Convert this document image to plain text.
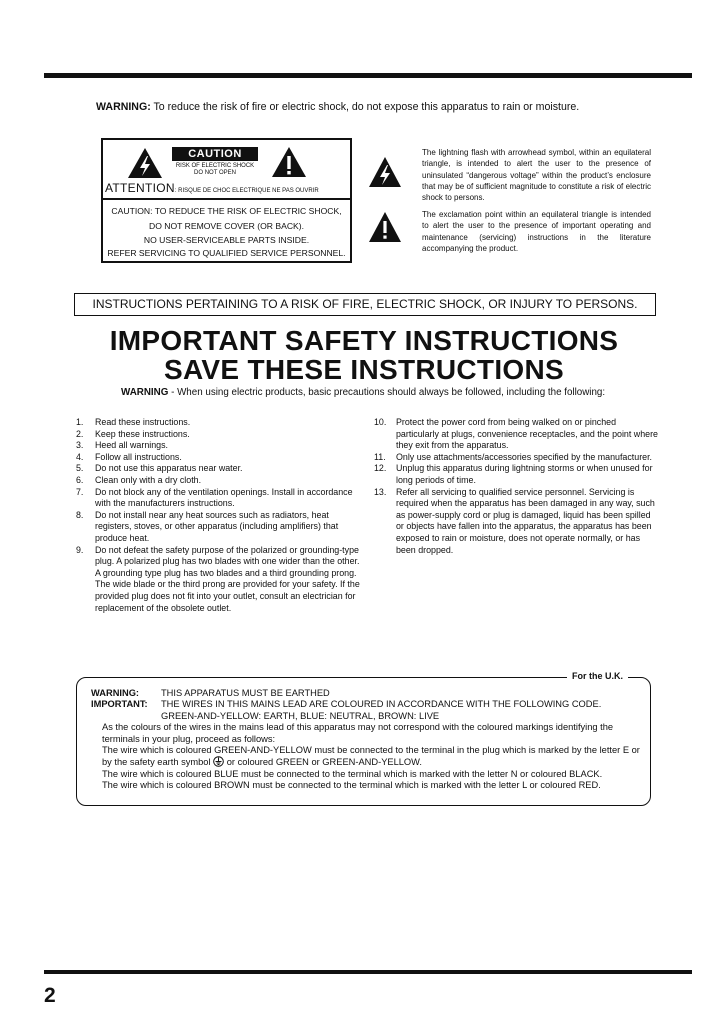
WARNING: To reduce the risk of fire or electric shock, do not expose this apparatus to rain or moisture.
CAUTION
RISK OF ELECTRIC SHOCK
DO NOT OPEN
ATTENTION: RISQUE DE CHOC ELECTRIQUE NE PAS OUVRIR
CAUTION: TO REDUCE THE RISK OF ELECTRIC SHOCK,
DO NOT REMOVE COVER (OR BACK).
NO USER-SERVICEABLE PARTS INSIDE.
REFER SERVICING TO QUALIFIED SERVICE PERSONNEL.
The lightning flash with arrowhead symbol, within an equilateral triangle, is intended to alert the user to the presence of uninsulated “dangerous voltage” within the product’s enclosure that may be of sufficient magnitude to constitute a risk of electric shock to persons.
The exclamation point within an equilateral triangle is intended to alert the user to the presence of important operating and maintenance (servicing) instructions in the literature accompanying the product.
INSTRUCTIONS PERTAINING TO A RISK OF FIRE, ELECTRIC SHOCK, OR INJURY TO PERSONS.
IMPORTANT SAFETY INSTRUCTIONS
SAVE THESE INSTRUCTIONS
WARNING - When using electric products, basic precautions should always be followed, including the following:
1. Read these instructions.
2. Keep these instructions.
3. Heed all warnings.
4. Follow all instructions.
5. Do not use this apparatus near water.
6. Clean only with a dry cloth.
7. Do not block any of the ventilation openings. Install in accordance with the manufacturers instructions.
8. Do not install near any heat sources such as radiators, heat registers, stoves, or other apparatus (including amplifiers) that produce heat.
9. Do not defeat the safety purpose of the polarized or grounding-type plug. A polarized plug has two blades with one wider than the other. A grounding type plug has two blades and a third grounding prong. The wide blade or the third prong are provided for your safety. If the provided plug does not fit into your outlet, consult an electrician for replacement of the obsolete outlet.
10. Protect the power cord from being walked on or pinched particularly at plugs, convenience receptacles, and the point where they exit from the apparatus.
11. Only use attachments/accessories specified by the manufacturer.
12. Unplug this apparatus during lightning storms or when unused for long periods of time.
13. Refer all servicing to qualified service personnel. Servicing is required when the apparatus has been damaged in any way, such as power-supply cord or plug is damaged, liquid has been spilled or objects have fallen into the apparatus, the apparatus has been exposed to rain or moisture, does not operate normally, or has been dropped.
For the U.K.
WARNING:	THIS APPARATUS MUST BE EARTHED
IMPORTANT:	THE WIRES IN THIS MAINS LEAD ARE COLOURED IN ACCORDANCE WITH THE FOLLOWING CODE.
GREEN-AND-YELLOW: EARTH, BLUE: NEUTRAL, BROWN: LIVE
As the colours of the wires in the mains lead of this apparatus may not correspond with the coloured markings identifying the terminals in your plug, proceed as follows:
The wire which is coloured GREEN-AND-YELLOW must be connected to the terminal in the plug which is marked by the letter E or by the safety earth symbol or coloured GREEN or GREEN-AND-YELLOW.
The wire which is coloured BLUE must be connected to the terminal which is marked with the letter N or coloured BLACK.
The wire which is coloured BROWN must be connected to the terminal which is marked with the letter L or coloured RED.
2
